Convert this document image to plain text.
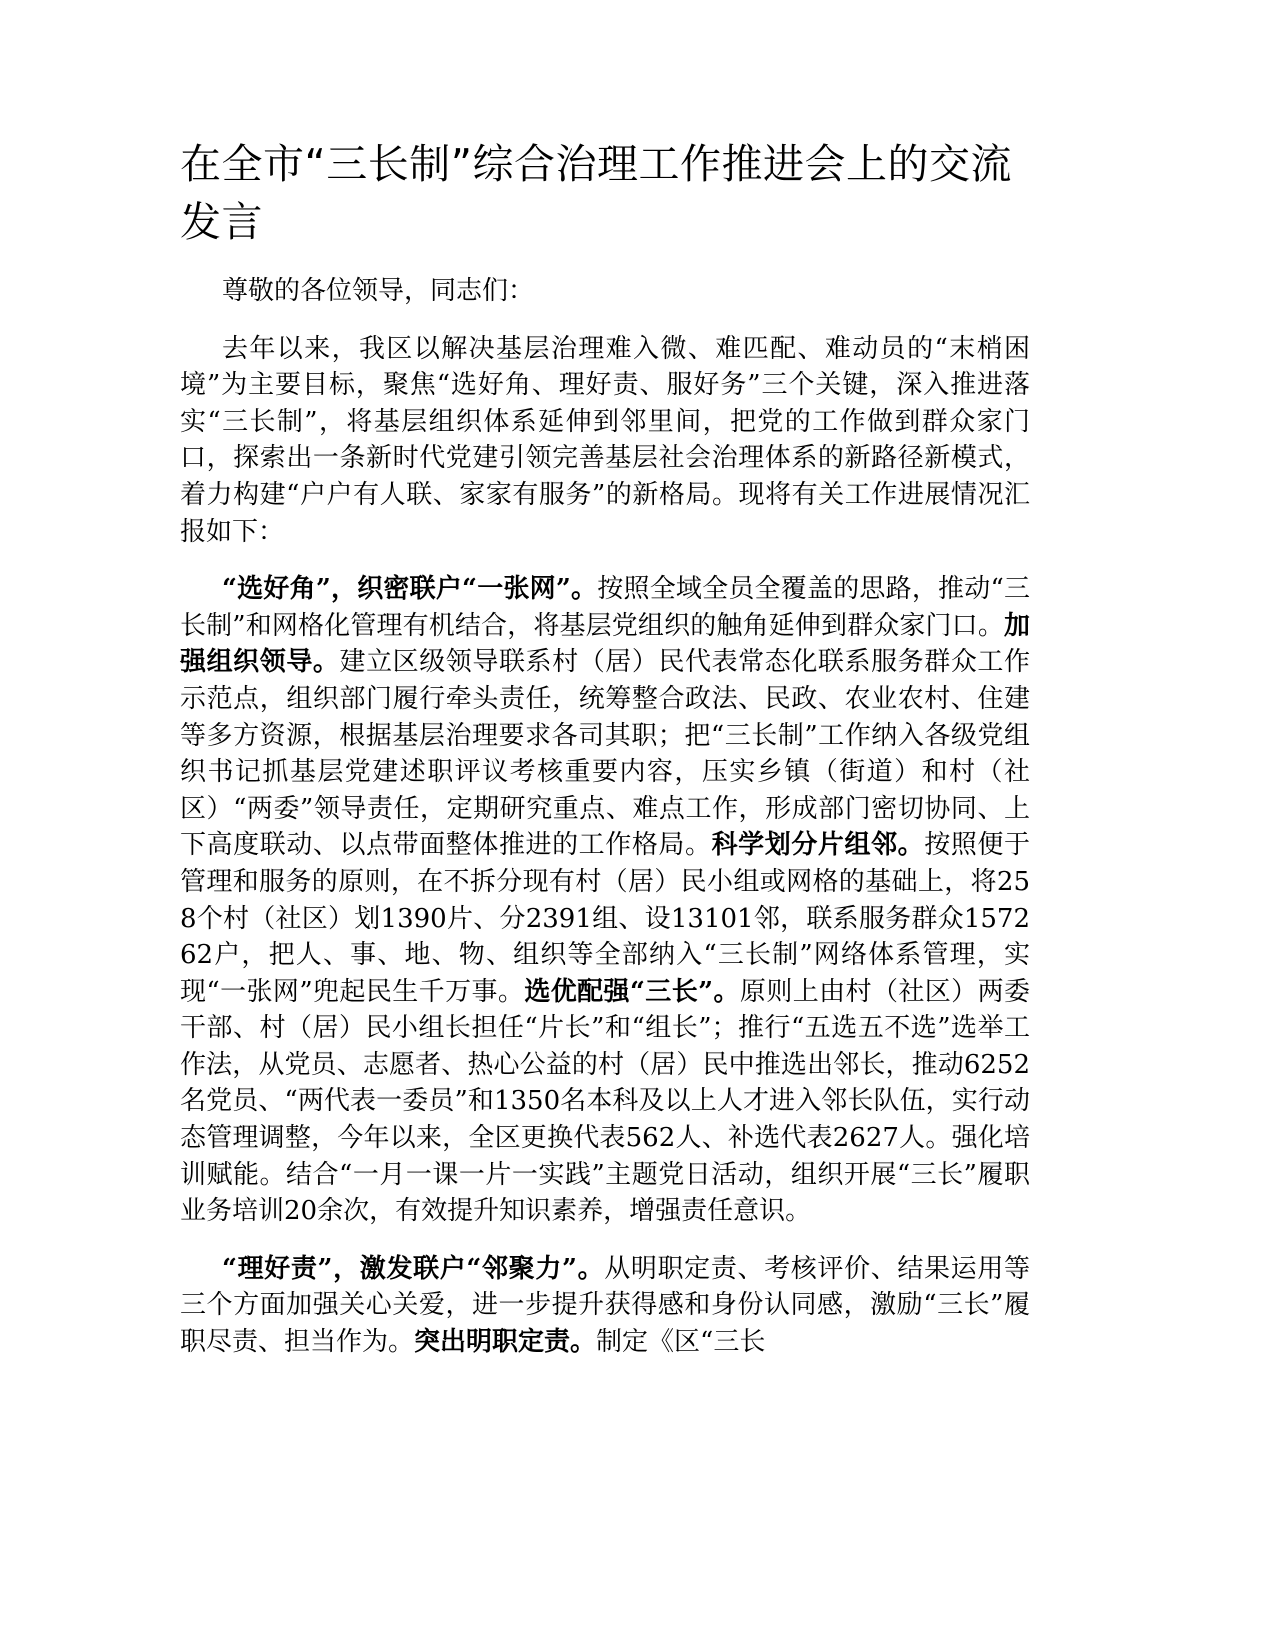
在全市“三长制”综合治理工作推进会上的交流发言

尊敬的各位领导，同志们：

去年以来，我区以解决基层治理难入微、难匹配、难动员的“末梢困境”为主要目标，聚焦“选好角、理好责、服好务”三个关键，深入推进落实“三长制”，将基层组织体系延伸到邻里间，把党的工作做到群众家门口，探索出一条新时代党建引领完善基层社会治理体系的新路径新模式，着力构建“户户有人联、家家有服务”的新格局。现将有关工作进展情况汇报如下：

“选好角”，织密联户“一张网”。按照全域全员全覆盖的思路，推动“三长制”和网格化管理有机结合，将基层党组织的触角延伸到群众家门口。加强组织领导。建立区级领导联系村（居）民代表常态化联系服务群众工作示范点，组织部门履行牵头责任，统筹整合政法、民政、农业农村、住建等多方资源，根据基层治理要求各司其职；把“三长制”工作纳入各级党组织书记抓基层党建述职评议考核重要内容，压实乡镇（街道）和村（社区）“两委”领导责任，定期研究重点、难点工作，形成部门密切协同、上下高度联动、以点带面整体推进的工作格局。科学划分片组邻。按照便于管理和服务的原则，在不拆分现有村（居）民小组或网格的基础上，将258个村（社区）划1390片、分2391组、设13101邻，联系服务群众157262户，把人、事、地、物、组织等全部纳入“三长制”网络体系管理，实现“一张网”兜起民生千万事。选优配强“三长”。原则上由村（社区）两委干部、村（居）民小组长担任“片长”和“组长”；推行“五选五不选”选举工作法，从党员、志愿者、热心公益的村（居）民中推选出邻长，推动6252名党员、“两代表一委员”和1350名本科及以上人才进入邻长队伍，实行动态管理调整，今年以来，全区更换代表562人、补选代表2627人。强化培训赋能。结合“一月一课一片一实践”主题党日活动，组织开展“三长”履职业务培训20余次，有效提升知识素养，增强责任意识。

“理好责”，激发联户“邻聚力”。从明职定责、考核评价、结果运用等三个方面加强关心关爱，进一步提升获得感和身份认同感，激励“三长”履职尽责、担当作为。突出明职定责。制定《区“三长
